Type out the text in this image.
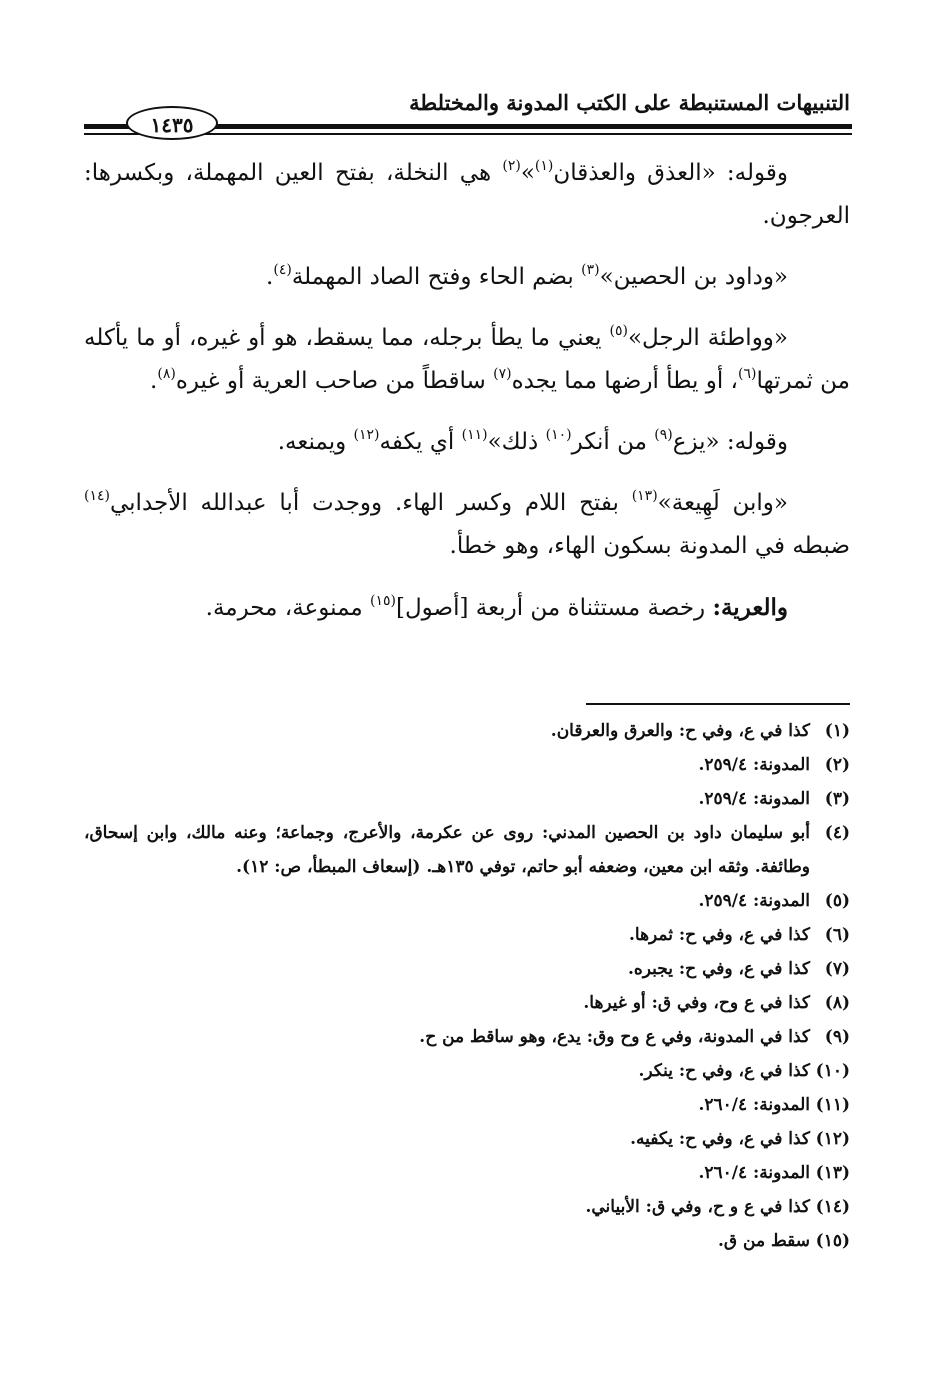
التنبيهات المستنبطة على الكتب المدونة والمختلطة
١٤٣٥

وقوله: «العذق والعذقان$^{(١)}$»$^{(٢)}$ هي النخلة، بفتح العين المهملة، وبكسرها: العرجون.

«وداود بن الحصين»$^{(٣)}$ بضم الحاء وفتح الصاد المهملة$^{(٤)}$.

«وواطئة الرجل»$^{(٥)}$ يعني ما يطأ برجله، مما يسقط، هو أو غيره، أو ما يأكله من ثمرتها$^{(٦)}$، أو يطأ أرضها مما يجده$^{(٧)}$ ساقطاً من صاحب العرية أو غيره$^{(٨)}$.

وقوله: «يزع$^{(٩)}$ من أنكر$^{(١٠)}$ ذلك»$^{(١١)}$ أي يكفه$^{(١٢)}$ ويمنعه.

«وابن لَهِيعة»$^{(١٣)}$ بفتح اللام وكسر الهاء. ووجدت أبا عبدالله الأجدابي$^{(١٤)}$ ضبطه في المدونة بسكون الهاء، وهو خطأ.

والعرية: رخصة مستثناة من أربعة [أصول]$^{(١٥)}$ ممنوعة، محرمة.

(١)
كذا في ع، وفي ح: والعرق والعرقان.
(٢)
المدونة: ٢٥٩/٤.
(٣)
المدونة: ٢٥٩/٤.
(٤)
أبو سليمان داود بن الحصين المدني: روى عن عكرمة، والأعرج، وجماعة؛ وعنه مالك، وابن إسحاق، وطائفة. وثقه ابن معين، وضعفه أبو حاتم، توفي ١٣٥هـ. (إسعاف المبطأ، ص: ١٢).
(٥)
المدونة: ٢٥٩/٤.
(٦)
كذا في ع، وفي ح: ثمرها.
(٧)
كذا في ع، وفي ح: يجبره.
(٨)
كذا في ع وح، وفي ق: أو غيرها.
(٩)
كذا في المدونة، وفي ع وح وق: يدع، وهو ساقط من ح.
(١٠)
كذا في ع، وفي ح: ينكر.
(١١)
المدونة: ٢٦٠/٤.
(١٢)
كذا في ع، وفي ح: يكفيه.
(١٣)
المدونة: ٢٦٠/٤.
(١٤)
كذا في ع و ح، وفي ق: الأبياني.
(١٥)
سقط من ق.
